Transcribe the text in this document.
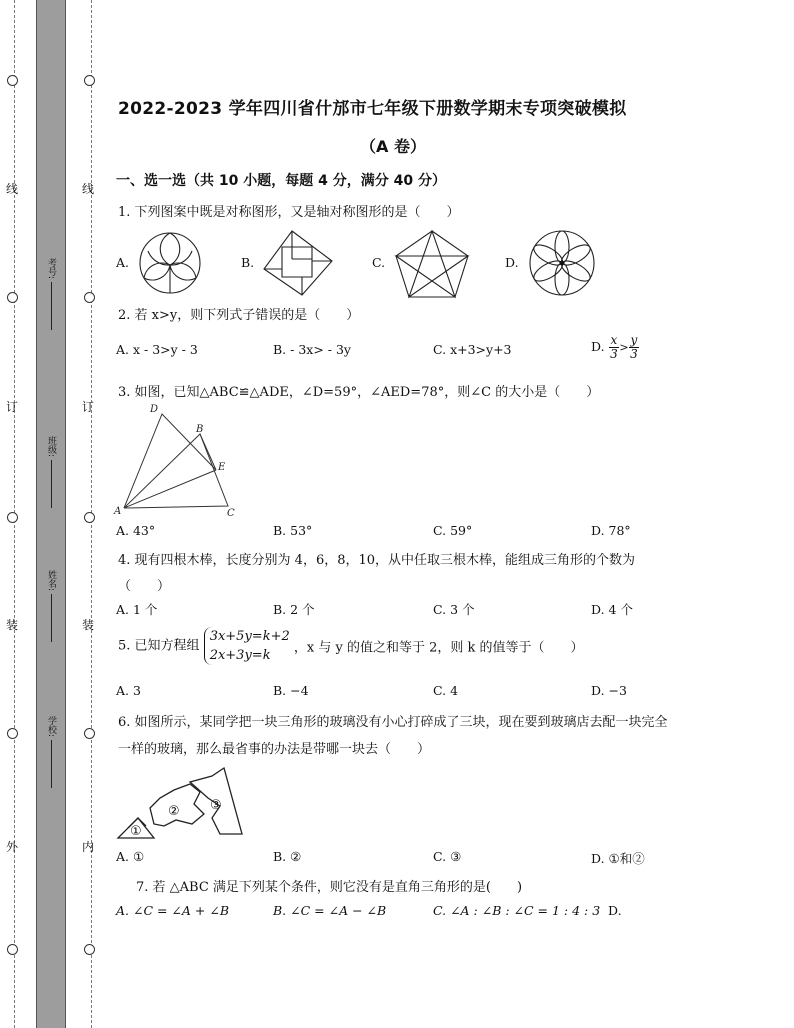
线
订
装
外
线
订
装
内
考号:
班级:
姓名:
学校:
2022-2023 学年四川省什邡市七年级下册数学期末专项突破模拟
（A 卷）
一、选一选（共 10 小题，每题 4 分，满分 40 分）
1. 下列图案中既是对称图形，又是轴对称图形的是（　　）
A.	B.	C.	D.
2. 若 x>y，则下列式子错误的是（　　）
A. x - 3>y - 3	B. - 3x> - 3y	C. x+3>y+3	D. $\frac{x}{3} > \frac{y}{3}$
3. 如图，已知△ABC≌△ADE，∠D=59°，∠AED=78°，则∠C 的大小是（　　）
D
B
E
A	C
A. 43°	B. 53°	C. 59°	D. 78°
4. 现有四根木棒，长度分别为 4，6，8，10，从中任取三根木棒，能组成三角形的个数为（　　）
A. 1 个	B. 2 个	C. 3 个	D. 4 个
5. 已知方程组 3x+5y=k+2
2x+3y=k ，x 与 y 的值之和等于 2，则 k 的值等于（　　）
A. 3	B. −4	C. 4	D. −3
6. 如图所示，某同学把一块三角形的玻璃没有小心打碎成了三块，现在要到玻璃店去配一块完全一样的玻璃，那么最省事的办法是带哪一块去（　　）
①
② ③
A. ①	B. ②	C. ③	D. ①和②
7. 若 △ABC 满足下列某个条件，则它没有是直角三角形的是(　　)
A. ∠C = ∠A + ∠B	B. ∠C = ∠A − ∠B	C. ∠A : ∠B : ∠C = 1 : 4 : 3 D.
